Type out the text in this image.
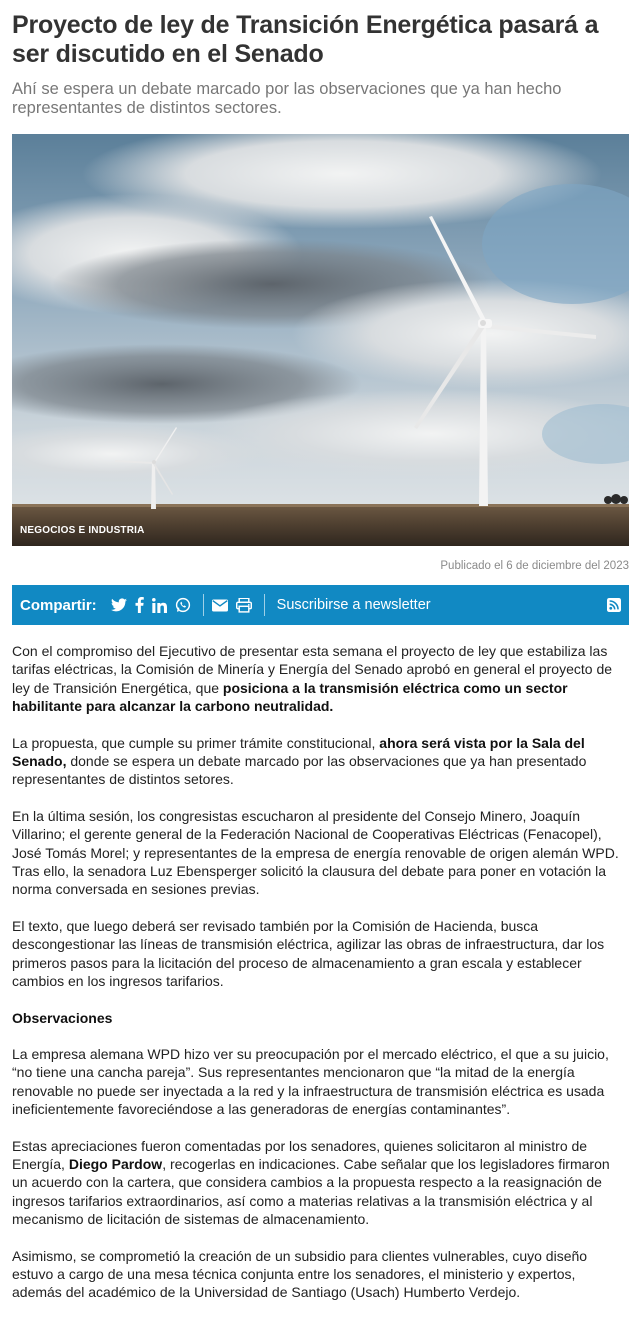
Proyecto de ley de Transición Energética pasará a ser discutido en el Senado
Ahí se espera un debate marcado por las observaciones que ya han hecho representantes de distintos sectores.
NEGOCIOS E INDUSTRIA
Publicado el 6 de diciembre del 2023
Compartir:	Suscribirse a newsletter

Con el compromiso del Ejecutivo de presentar esta semana el proyecto de ley que estabiliza las tarifas eléctricas, la Comisión de Minería y Energía del Senado aprobó en general el proyecto de ley de Transición Energética, que posiciona a la transmisión eléctrica como un sector habilitante para alcanzar la carbono neutralidad.

La propuesta, que cumple su primer trámite constitucional, ahora será vista por la Sala del Senado, donde se espera un debate marcado por las observaciones que ya han presentado representantes de distintos setores.

En la última sesión, los congresistas escucharon al presidente del Consejo Minero, Joaquín Villarino; el gerente general de la Federación Nacional de Cooperativas Eléctricas (Fenacopel), José Tomás Morel; y representantes de la empresa de energía renovable de origen alemán WPD. Tras ello, la senadora Luz Ebensperger solicitó la clausura del debate para poner en votación la norma conversada en sesiones previas.

El texto, que luego deberá ser revisado también por la Comisión de Hacienda, busca descongestionar las líneas de transmisión eléctrica, agilizar las obras de infraestructura, dar los primeros pasos para la licitación del proceso de almacenamiento a gran escala y establecer cambios en los ingresos tarifarios.

Observaciones

La empresa alemana WPD hizo ver su preocupación por el mercado eléctrico, el que a su juicio, “no tiene una cancha pareja”. Sus representantes mencionaron que “la mitad de la energía renovable no puede ser inyectada a la red y la infraestructura de transmisión eléctrica es usada ineficientemente favoreciéndose a las generadoras de energías contaminantes”.

Estas apreciaciones fueron comentadas por los senadores, quienes solicitaron al ministro de Energía, Diego Pardow, recogerlas en indicaciones. Cabe señalar que los legisladores firmaron un acuerdo con la cartera, que considera cambios a la propuesta respecto a la reasignación de ingresos tarifarios extraordinarios, así como a materias relativas a la transmisión eléctrica y al mecanismo de licitación de sistemas de almacenamiento.

Asimismo, se comprometió la creación de un subsidio para clientes vulnerables, cuyo diseño estuvo a cargo de una mesa técnica conjunta entre los senadores, el ministerio y expertos, además del académico de la Universidad de Santiago (Usach) Humberto Verdejo.
